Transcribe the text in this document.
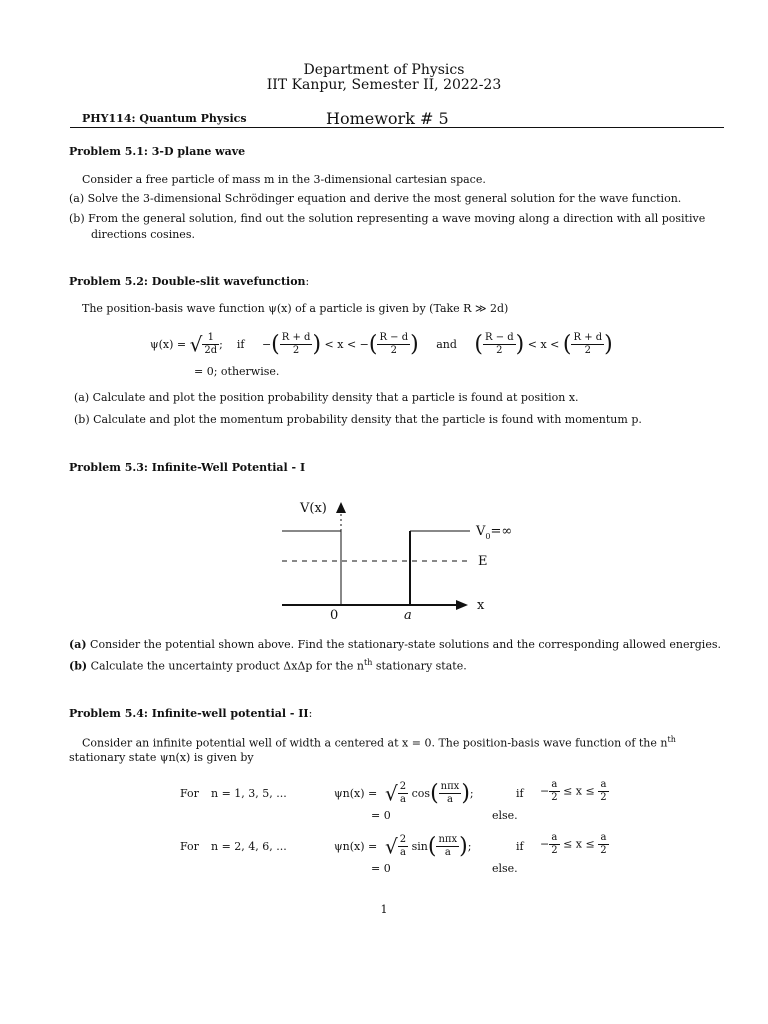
Department of Physics
IIT Kanpur, Semester II, 2022-23
PHY114: Quantum Physics	Homework # 5
Problem 5.1: 3-D plane wave
Consider a free particle of mass m in the 3-dimensional cartesian space.
(a) Solve the 3-dimensional Schrödinger equation and derive the most general solution for the wave function.
(b) From the general solution, find out the solution representing a wave moving along a direction with all positive
directions cosines.
Problem 5.2: Double-slit wavefunction:
The position-basis wave function ψ(x) of a particle is given by (Take R ≫ 2d)
ψ(x) = √ $\frac{1}{2d}$ ; if −( $\frac{R + d}{2}$ ) < x < −( $\frac{R - d}{2}$ ) and ( $\frac{R - d}{2}$ ) < x < ( $\frac{R + d}{2}$ )
= 0; otherwise.
(a) Calculate and plot the position probability density that a particle is found at position x.
(b) Calculate and plot the momentum probability density that the particle is found with momentum p.
Problem 5.3: Infinite-Well Potential - I
V(x)
$V_0=\infty$
E
x
0	a
(a) Consider the potential shown above. Find the stationary-state solutions and the corresponding allowed energies.
(b) Calculate the uncertainty product ΔxΔp for the $n^{th}$ stationary state.
Problem 5.4: Infinite-well potential - II:
Consider an infinite potential well of width a centered at x = 0. The position-basis wave function of the $n^{th}$
stationary state ψn(x) is given by
For n = 1, 3, 5, ...	ψn(x) = √ $\frac{2}{a} \cos( \frac{\text{nπx}}{a}$ );	if − $\frac{a}{2} \le x \le \frac{a}{2}$
= 0	else.
For n = 2, 4, 6, ...	ψn(x) = √ $\frac{2}{a} \sin( \frac{\text{nπx}}{a}$ );	if − $\frac{a}{2} \le x \le \frac{a}{2}$
= 0	else.
1
